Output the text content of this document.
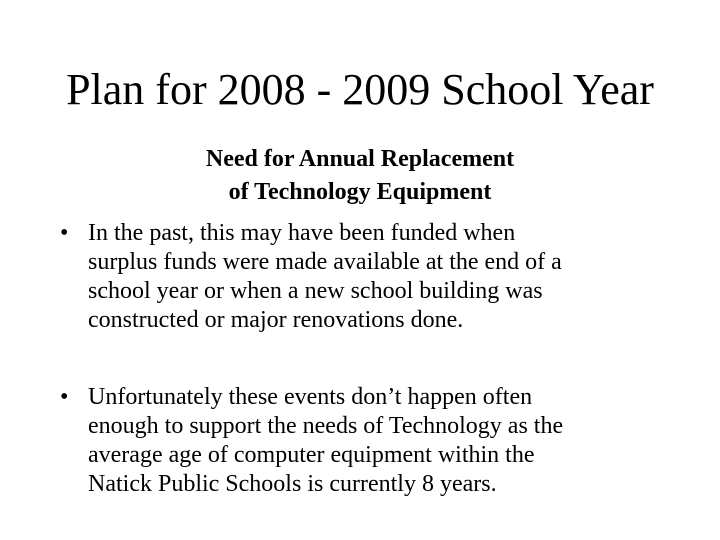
Plan for 2008 - 2009 School Year
Need for Annual Replacement
of Technology Equipment
• In the past, this may have been funded when
surplus funds were made available at the end of a
school year or when a new school building was
constructed or major renovations done.
• Unfortunately these events don’t happen often
enough to support the needs of Technology as the
average age of computer equipment within the
Natick Public Schools is currently 8 years.
